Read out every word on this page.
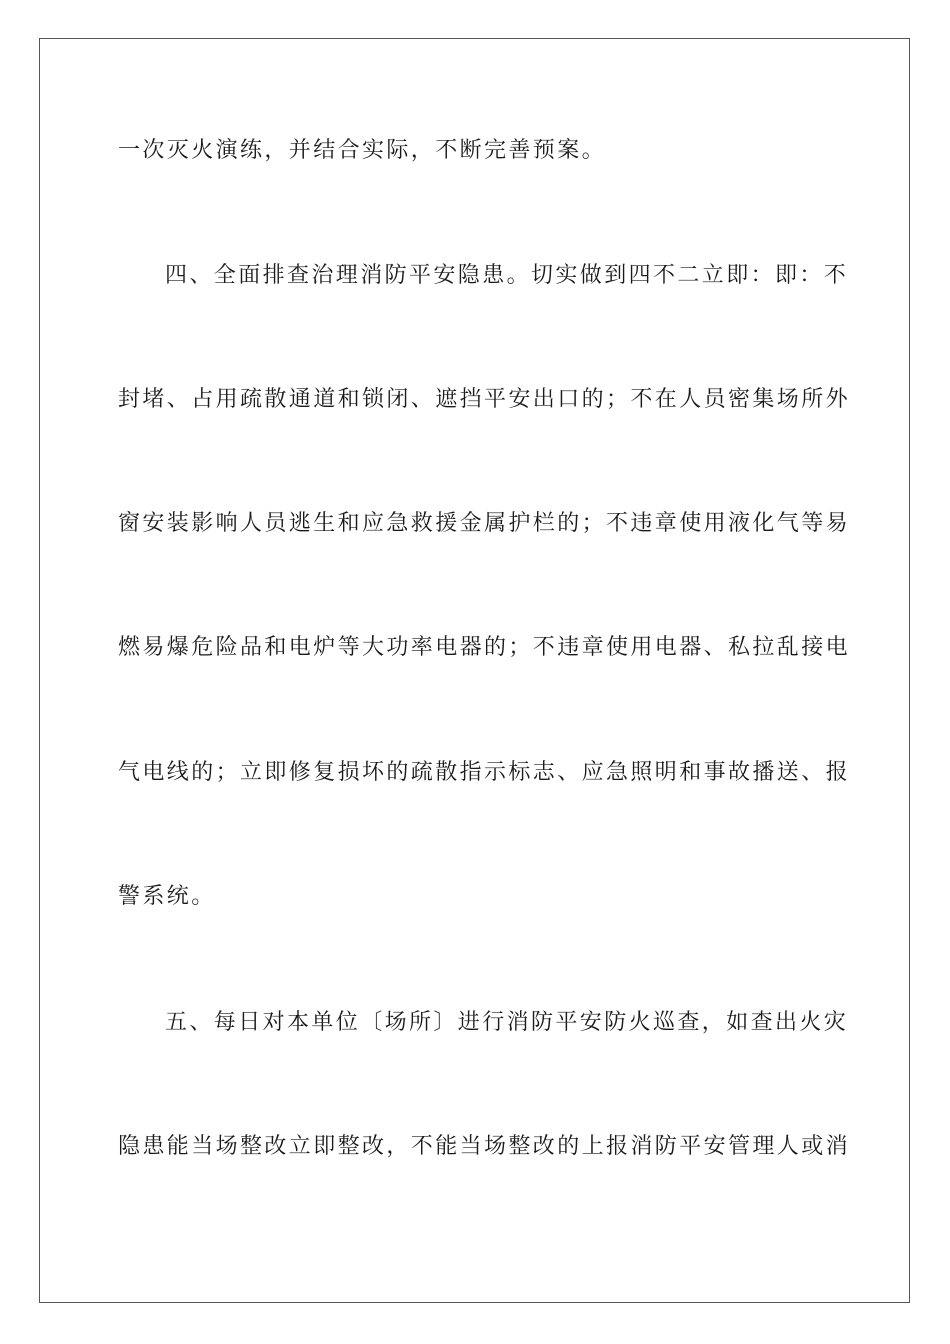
一次灭火演练，并结合实际，不断完善预案。
四、全面排查治理消防平安隐患。切实做到四不二立即：即：不
封堵、占用疏散通道和锁闭、遮挡平安出口的；不在人员密集场所外
窗安装影响人员逃生和应急救援金属护栏的；不违章使用液化气等易
燃易爆危险品和电炉等大功率电器的；不违章使用电器、私拉乱接电
气电线的；立即修复损坏的疏散指示标志、应急照明和事故播送、报
警系统。
五、每日对本单位〔场所〕进行消防平安防火巡查，如查出火灾
隐患能当场整改立即整改，不能当场整改的上报消防平安管理人或消
